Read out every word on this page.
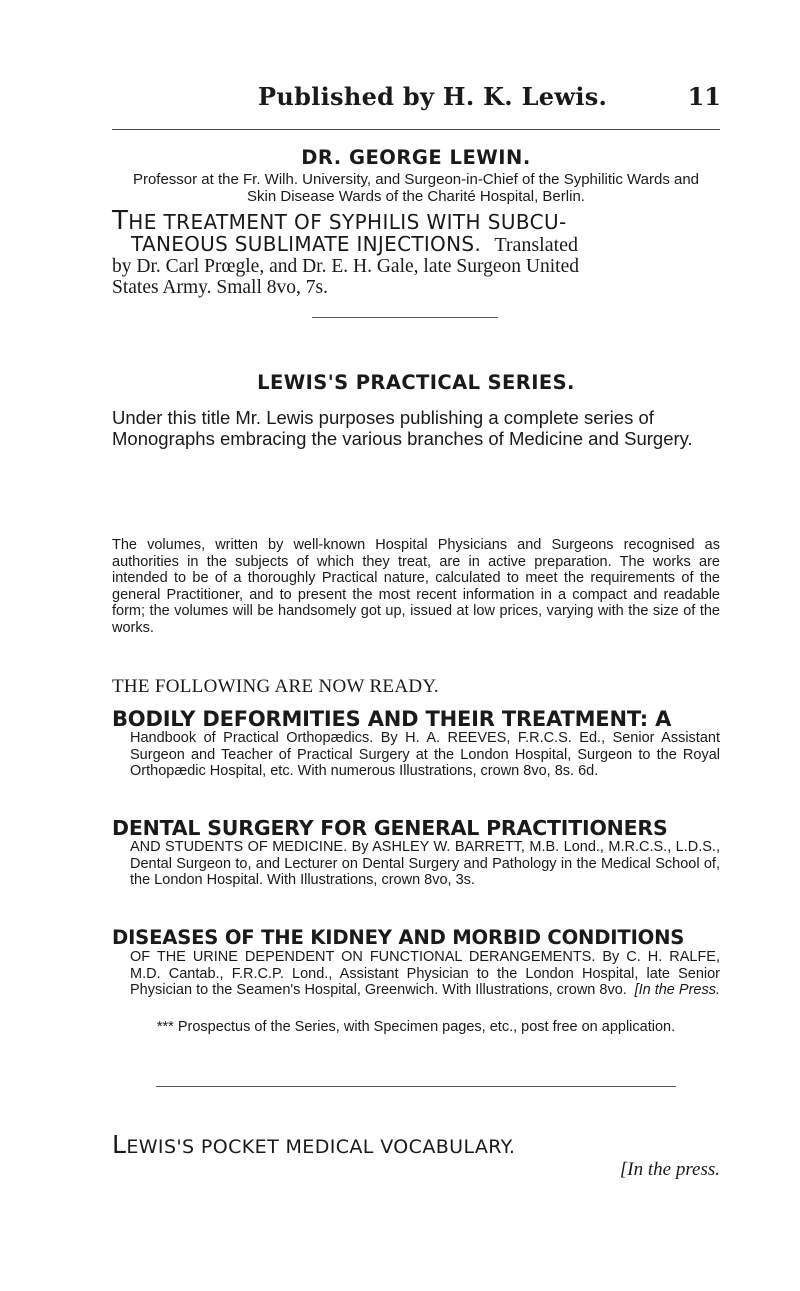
Published by H. K. Lewis.	11
DR. GEORGE LEWIN.
Professor at the Fr. Wilh. University, and Surgeon-in-Chief of the Syphilitic Wards and Skin Disease Wards of the Charité Hospital, Berlin.
THE TREATMENT OF SYPHILIS WITH SUBCU-
TANEOUS SUBLIMATE INJECTIONS. Translated
by Dr. Carl Prœgle, and Dr. E. H. Gale, late Surgeon United
States Army. Small 8vo, 7s.
LEWIS'S PRACTICAL SERIES.
Under this title Mr. Lewis purposes publishing a complete series of Monographs embracing the various branches of Medicine and Surgery.
The volumes, written by well-known Hospital Physicians and Surgeons recognised as authorities in the subjects of which they treat, are in active preparation. The works are intended to be of a thoroughly Practical nature, calculated to meet the requirements of the general Practitioner, and to present the most recent information in a compact and readable form; the volumes will be handsomely got up, issued at low prices, varying with the size of the works.
THE FOLLOWING ARE NOW READY.
BODILY DEFORMITIES AND THEIR TREATMENT: A
Handbook of Practical Orthopædics. By H. A. REEVES, F.R.C.S. Ed., Senior Assistant Surgeon and Teacher of Practical Surgery at the London Hospital, Surgeon to the Royal Orthopædic Hospital, etc. With numerous Illustrations, crown 8vo, 8s. 6d.
DENTAL SURGERY FOR GENERAL PRACTITIONERS
AND STUDENTS OF MEDICINE. By ASHLEY W. BARRETT, M.B. Lond., M.R.C.S., L.D.S., Dental Surgeon to, and Lecturer on Dental Surgery and Pathology in the Medical School of, the London Hospital. With Illustrations, crown 8vo, 3s.
DISEASES OF THE KIDNEY AND MORBID CONDITIONS
OF THE URINE DEPENDENT ON FUNCTIONAL DERANGEMENTS. By C. H. RALFE, M.D. Cantab., F.R.C.P. Lond., Assistant Physician to the London Hospital, late Senior Physician to the Seamen's Hospital, Greenwich. With Illustrations, crown 8vo. [In the Press.
*** Prospectus of the Series, with Specimen pages, etc., post free on application.
LEWIS'S POCKET MEDICAL VOCABULARY.
[In the press.
